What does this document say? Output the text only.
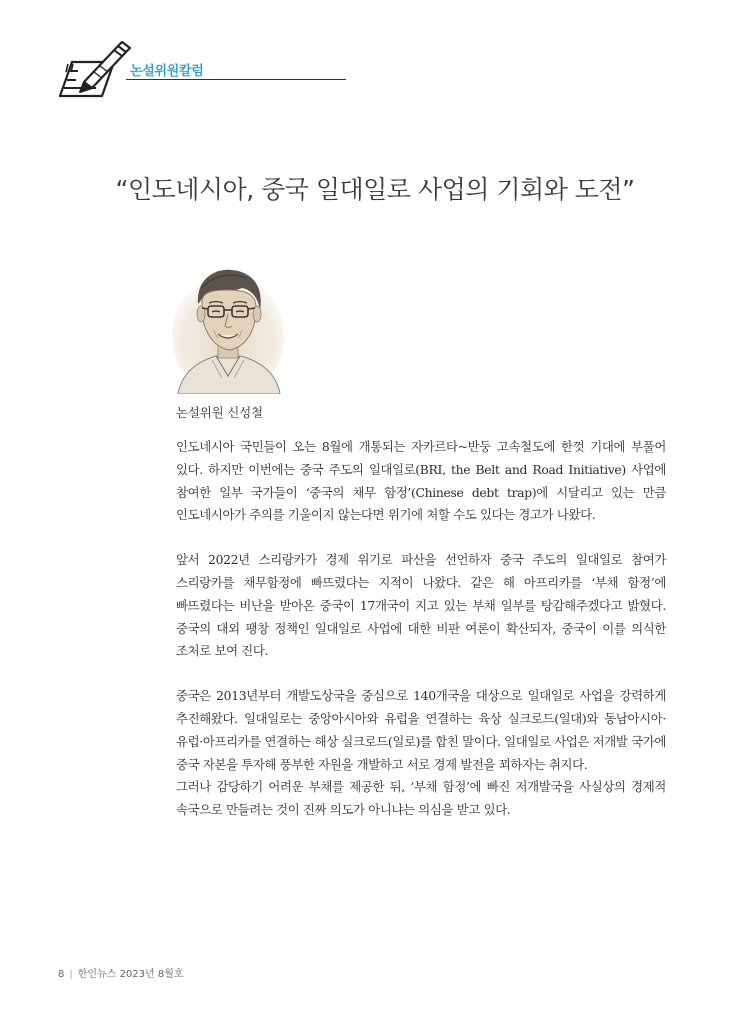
논설위원칼럼
“인도네시아, 중국 일대일로 사업의 기회와 도전”
논설위원 신성철

인도네시아 국민들이 오는 8월에 개통되는 자카르타~반둥 고속철도에 한껏 기대에 부풀어 있다. 하지만 이번에는 중국 주도의 일대일로(BRI, the Belt and Road Initiative) 사업에 참여한 일부 국가들이 ‘중국의 채무 함정’(Chinese debt trap)에 시달리고 있는 만큼 인도네시아가 주의를 기울이지 않는다면 위기에 처할 수도 있다는 경고가 나왔다.

앞서 2022년 스리랑카가 경제 위기로 파산을 선언하자 중국 주도의 일대일로 참여가 스리랑카를 채무함정에 빠뜨렸다는 지적이 나왔다. 같은 해 아프리카를 ‘부채 함정’에 빠뜨렸다는 비난을 받아온 중국이 17개국이 지고 있는 부채 일부를 탕감해주겠다고 밝혔다. 중국의 대외 팽창 정책인 일대일로 사업에 대한 비판 여론이 확산되자, 중국이 이를 의식한 조처로 보여 진다.

중국은 2013년부터 개발도상국을 중심으로 140개국을 대상으로 일대일로 사업을 강력하게 추진해왔다. 일대일로는 중앙아시아와 유럽을 연결하는 육상 실크로드(일대)와 동남아시아·유럽·아프리카를 연결하는 해상 실크로드(일로)를 합친 말이다. 일대일로 사업은 저개발 국가에 중국 자본을 투자해 풍부한 자원을 개발하고 서로 경제 발전을 꾀하자는 취지다.

그러나 감당하기 어려운 부채를 제공한 뒤, ‘부채 함정’에 빠진 저개발국을 사실상의 경제적 속국으로 만들려는 것이 진짜 의도가 아니냐는 의심을 받고 있다.

8 | 한인뉴스 2023년 8월호
